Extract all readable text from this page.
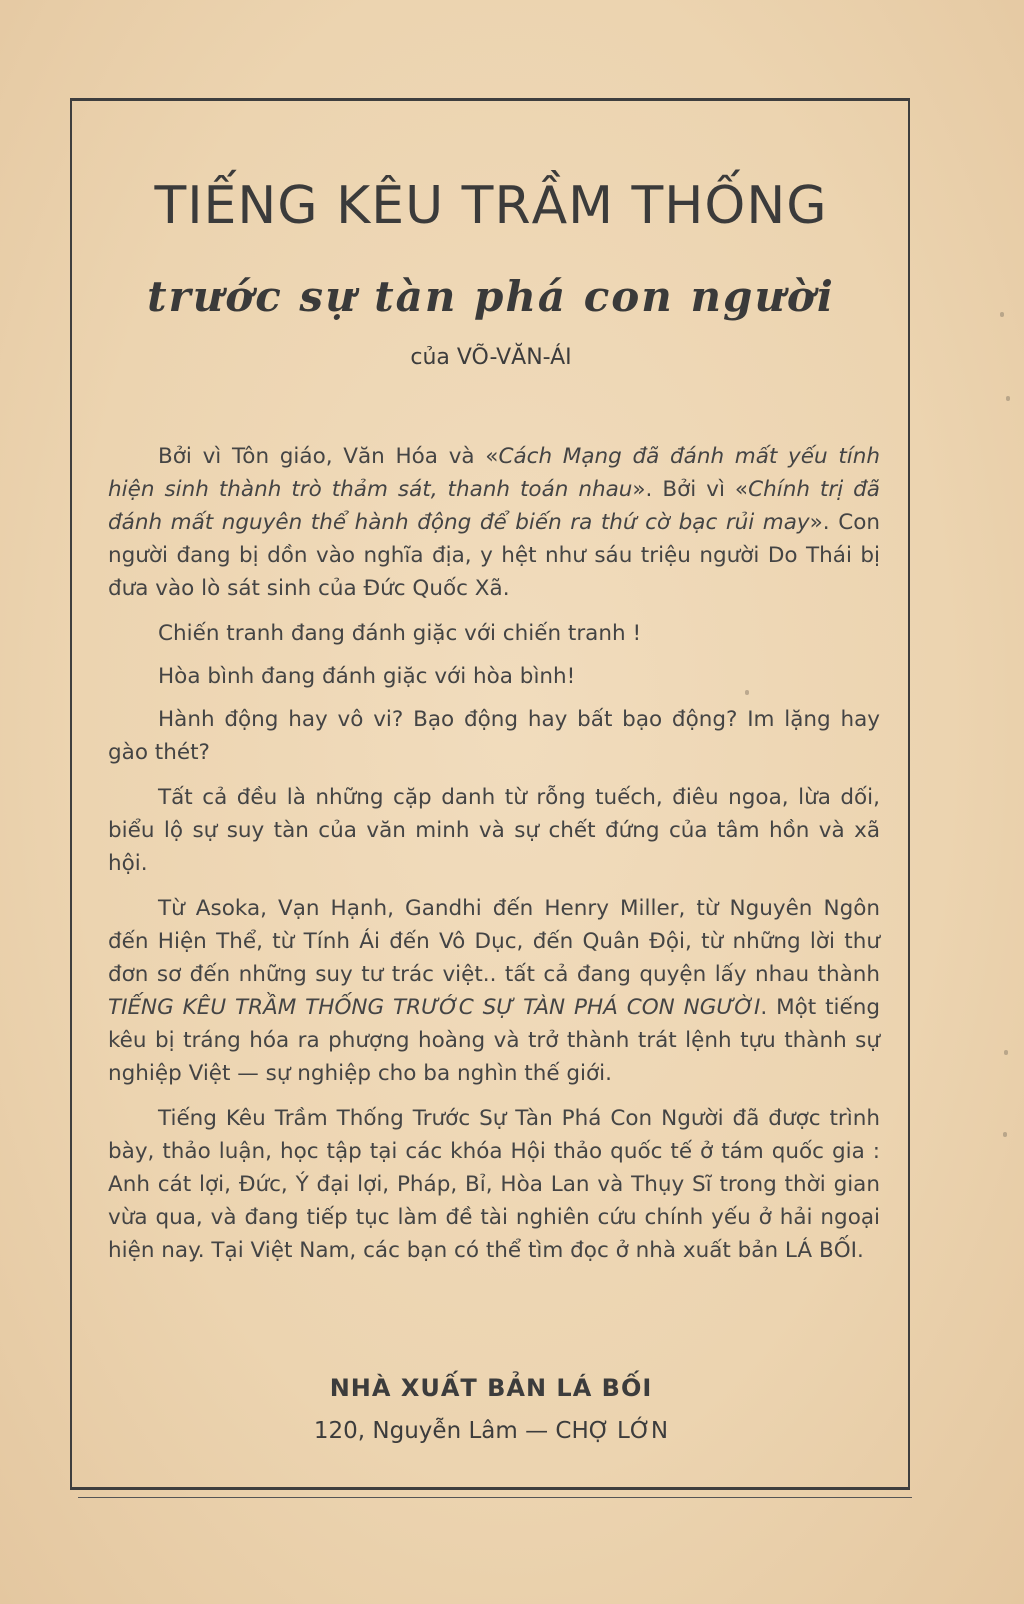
TIẾNG KÊU TRẦM THỐNG
trước sự tàn phá con người
của VÕ-VĂN-ÁI

Bởi vì Tôn giáo, Văn Hóa và «Cách Mạng đã đánh mất yếu tính hiện sinh thành trò thảm sát, thanh toán nhau». Bởi vì «Chính trị đã đánh mất nguyên thể hành động để biến ra thứ cờ bạc rủi may». Con người đang bị dồn vào nghĩa địa, y hệt như sáu triệu người Do Thái bị đưa vào lò sát sinh của Đức Quốc Xã.

Chiến tranh đang đánh giặc với chiến tranh !

Hòa bình đang đánh giặc với hòa bình!

Hành động hay vô vi? Bạo động hay bất bạo động? Im lặng hay gào thét?

Tất cả đều là những cặp danh từ rỗng tuếch, điêu ngoa, lừa dối, biểu lộ sự suy tàn của văn minh và sự chết đứng của tâm hồn và xã hội.

Từ Asoka, Vạn Hạnh, Gandhi đến Henry Miller, từ Nguyên Ngôn đến Hiện Thể, từ Tính Ái đến Vô Dục, đến Quân Đội, từ những lời thư đơn sơ đến những suy tư trác việt.. tất cả đang quyện lấy nhau thành TIẾNG KÊU TRẦM THỐNG TRƯỚC SỰ TÀN PHÁ CON NGƯỜI. Một tiếng kêu bị tráng hóa ra phượng hoàng và trở thành trát lệnh tựu thành sự nghiệp Việt — sự nghiệp cho ba nghìn thế giới.

Tiếng Kêu Trầm Thống Trước Sự Tàn Phá Con Người đã được trình bày, thảo luận, học tập tại các khóa Hội thảo quốc tế ở tám quốc gia : Anh cát lợi, Đức, Ý đại lợi, Pháp, Bỉ, Hòa Lan và Thụy Sĩ trong thời gian vừa qua, và đang tiếp tục làm đề tài nghiên cứu chính yếu ở hải ngoại hiện nay. Tại Việt Nam, các bạn có thể tìm đọc ở nhà xuất bản LÁ BỐI.

NHÀ XUẤT BẢN LÁ BỐI
120, Nguyễn Lâm — CHỢ LỚN
